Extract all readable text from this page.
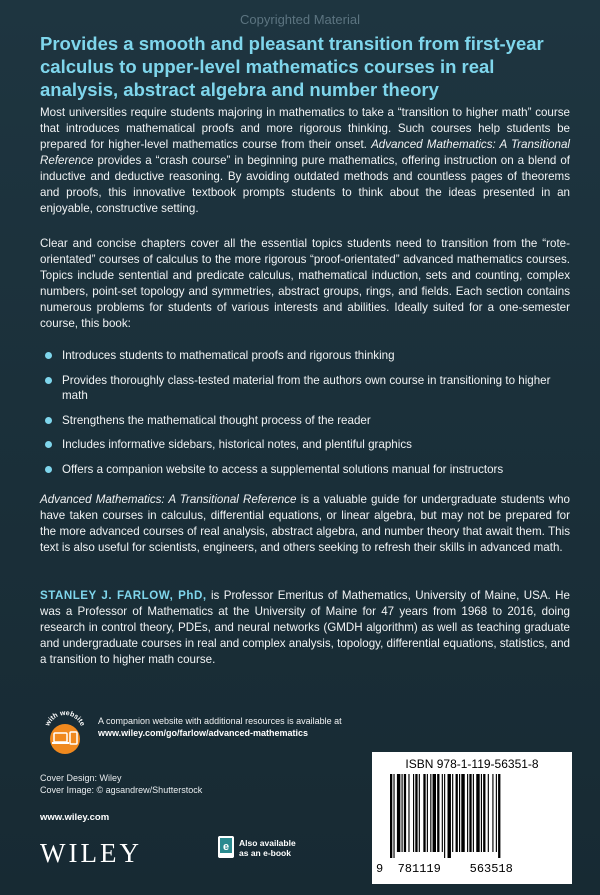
Copyrighted Material
Provides a smooth and pleasant transition from first-year calculus to upper-level mathematics courses in real analysis, abstract algebra and number theory
Most universities require students majoring in mathematics to take a “transition to higher math” course that introduces mathematical proofs and more rigorous thinking. Such courses help students be prepared for higher-level mathematics course from their onset. Advanced Mathematics: A Transitional Reference provides a “crash course” in beginning pure mathematics, offering instruction on a blend of inductive and deductive reasoning. By avoiding outdated methods and countless pages of theorems and proofs, this innovative textbook prompts students to think about the ideas presented in an enjoyable, constructive setting.
Clear and concise chapters cover all the essential topics students need to transition from the “rote-orientated” courses of calculus to the more rigorous “proof-orientated” advanced mathematics courses. Topics include sentential and predicate calculus, mathematical induction, sets and counting, complex numbers, point-set topology and symmetries, abstract groups, rings, and fields. Each section contains numerous problems for students of various interests and abilities. Ideally suited for a one-semester course, this book:
Introduces students to mathematical proofs and rigorous thinking
Provides thoroughly class-tested material from the authors own course in transitioning to higher math
Strengthens the mathematical thought process of the reader
Includes informative sidebars, historical notes, and plentiful graphics
Offers a companion website to access a supplemental solutions manual for instructors
Advanced Mathematics: A Transitional Reference is a valuable guide for undergraduate students who have taken courses in calculus, differential equations, or linear algebra, but may not be prepared for the more advanced courses of real analysis, abstract algebra, and number theory that await them. This text is also useful for scientists, engineers, and others seeking to refresh their skills in advanced math.
STANLEY J. FARLOW, PhD, is Professor Emeritus of Mathematics, University of Maine, USA. He was a Professor of Mathematics at the University of Maine for 47 years from 1968 to 2016, doing research in control theory, PDEs, and neural networks (GMDH algorithm) as well as teaching graduate and undergraduate courses in real and complex analysis, topology, differential equations, statistics, and a transition to higher math course.
with website A companion website with additional resources is available at
www.wiley.com/go/farlow/advanced-mathematics
Cover Design: Wiley
Cover Image: © agsandrew/Shutterstock
www.wiley.com
WILEY	e Also available
as an e-book
ISBN 978-1-119-56351-8
9  781119    563518
